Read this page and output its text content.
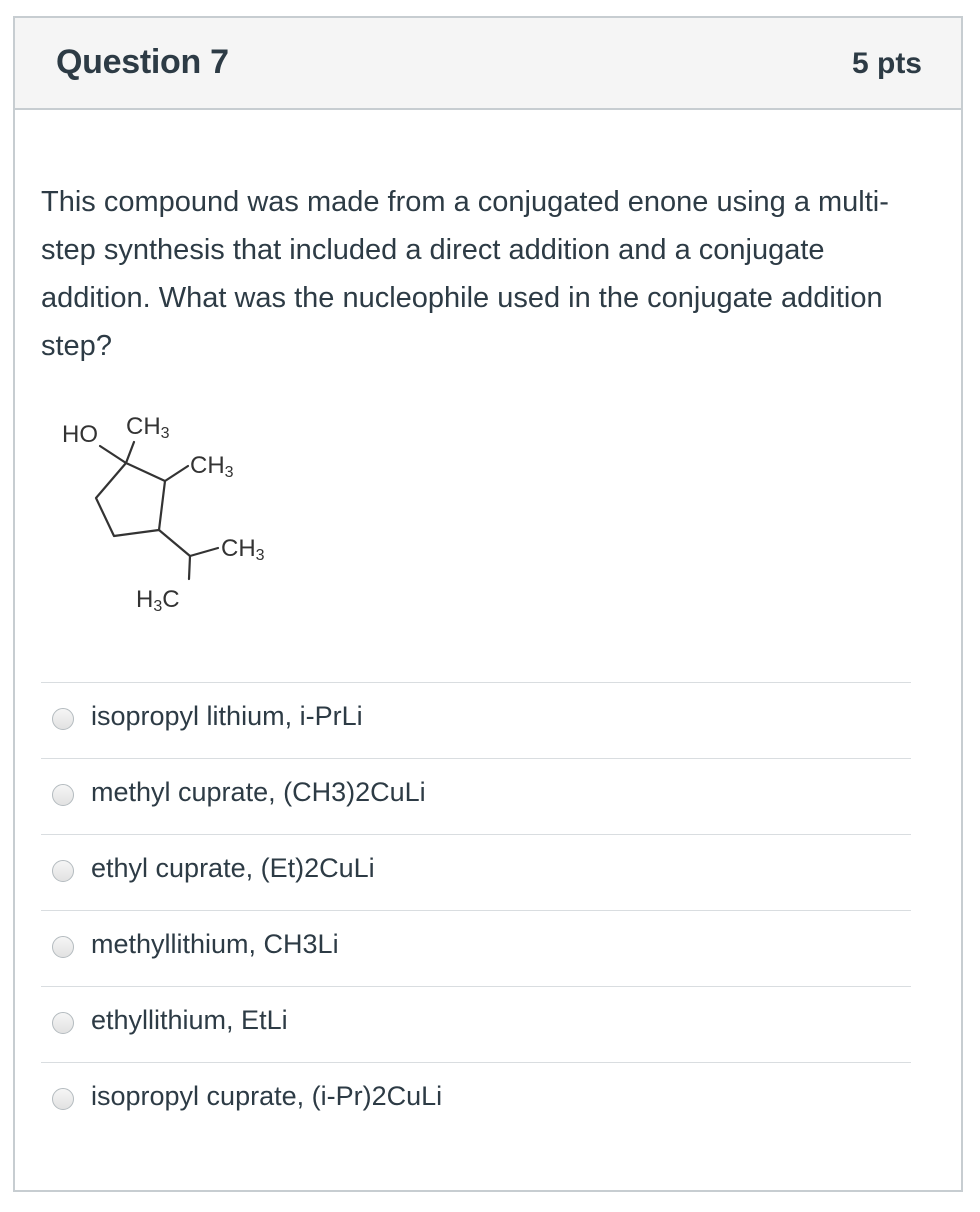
Question 7	5 pts
This compound was made from a conjugated enone using a multi-step synthesis that included a direct addition and a conjugate addition. What was the nucleophile used in the conjugate addition step?
HO CH3
CH3
CH3
H3C
isopropyl lithium, i-PrLi
methyl cuprate, (CH3)2CuLi
ethyl cuprate, (Et)2CuLi
methyllithium, CH3Li
ethyllithium, EtLi
isopropyl cuprate, (i-Pr)2CuLi
